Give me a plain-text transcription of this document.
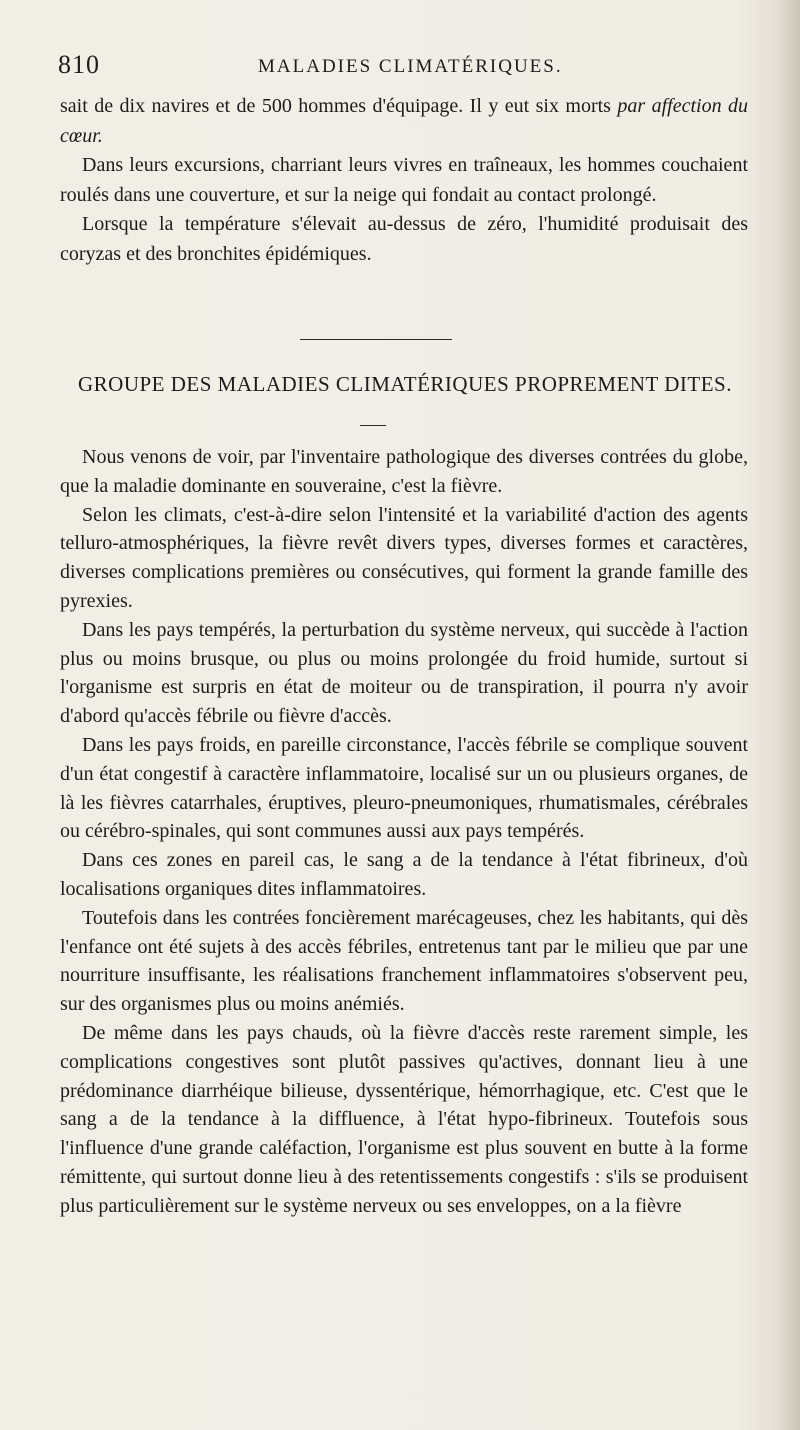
810	MALADIES CLIMATÉRIQUES.

sait de dix navires et de 500 hommes d'équipage. Il y eut six morts par affection du cœur.

Dans leurs excursions, charriant leurs vivres en traîneaux, les hommes couchaient roulés dans une couverture, et sur la neige qui fondait au contact prolongé.

Lorsque la température s'élevait au-dessus de zéro, l'humidité produisait des coryzas et des bronchites épidémiques.

GROUPE DES MALADIES CLIMATÉRIQUES PROPREMENT DITES.

Nous venons de voir, par l'inventaire pathologique des diverses contrées du globe, que la maladie dominante en souveraine, c'est la fièvre.

Selon les climats, c'est-à-dire selon l'intensité et la variabilité d'action des agents telluro-atmosphériques, la fièvre revêt divers types, diverses formes et caractères, diverses complications premières ou consécutives, qui forment la grande famille des pyrexies.

Dans les pays tempérés, la perturbation du système nerveux, qui succède à l'action plus ou moins brusque, ou plus ou moins prolongée du froid humide, surtout si l'organisme est surpris en état de moiteur ou de transpiration, il pourra n'y avoir d'abord qu'accès fébrile ou fièvre d'accès.

Dans les pays froids, en pareille circonstance, l'accès fébrile se complique souvent d'un état congestif à caractère inflammatoire, localisé sur un ou plusieurs organes, de là les fièvres catarrhales, éruptives, pleuro-pneumoniques, rhumatismales, cérébrales ou cérébro-spinales, qui sont communes aussi aux pays tempérés.

Dans ces zones en pareil cas, le sang a de la tendance à l'état fibrineux, d'où localisations organiques dites inflammatoires.

Toutefois dans les contrées foncièrement marécageuses, chez les habitants, qui dès l'enfance ont été sujets à des accès fébriles, entretenus tant par le milieu que par une nourriture insuffisante, les réalisations franchement inflammatoires s'observent peu, sur des organismes plus ou moins anémiés.

De même dans les pays chauds, où la fièvre d'accès reste rarement simple, les complications congestives sont plutôt passives qu'actives, donnant lieu à une prédominance diarrhéique bilieuse, dyssentérique, hémorrhagique, etc. C'est que le sang a de la tendance à la diffluence, à l'état hypo-fibrineux. Toutefois sous l'influence d'une grande caléfaction, l'organisme est plus souvent en butte à la forme rémittente, qui surtout donne lieu à des retentissements congestifs : s'ils se produisent plus particulièrement sur le système nerveux ou ses enveloppes, on a la fièvre
